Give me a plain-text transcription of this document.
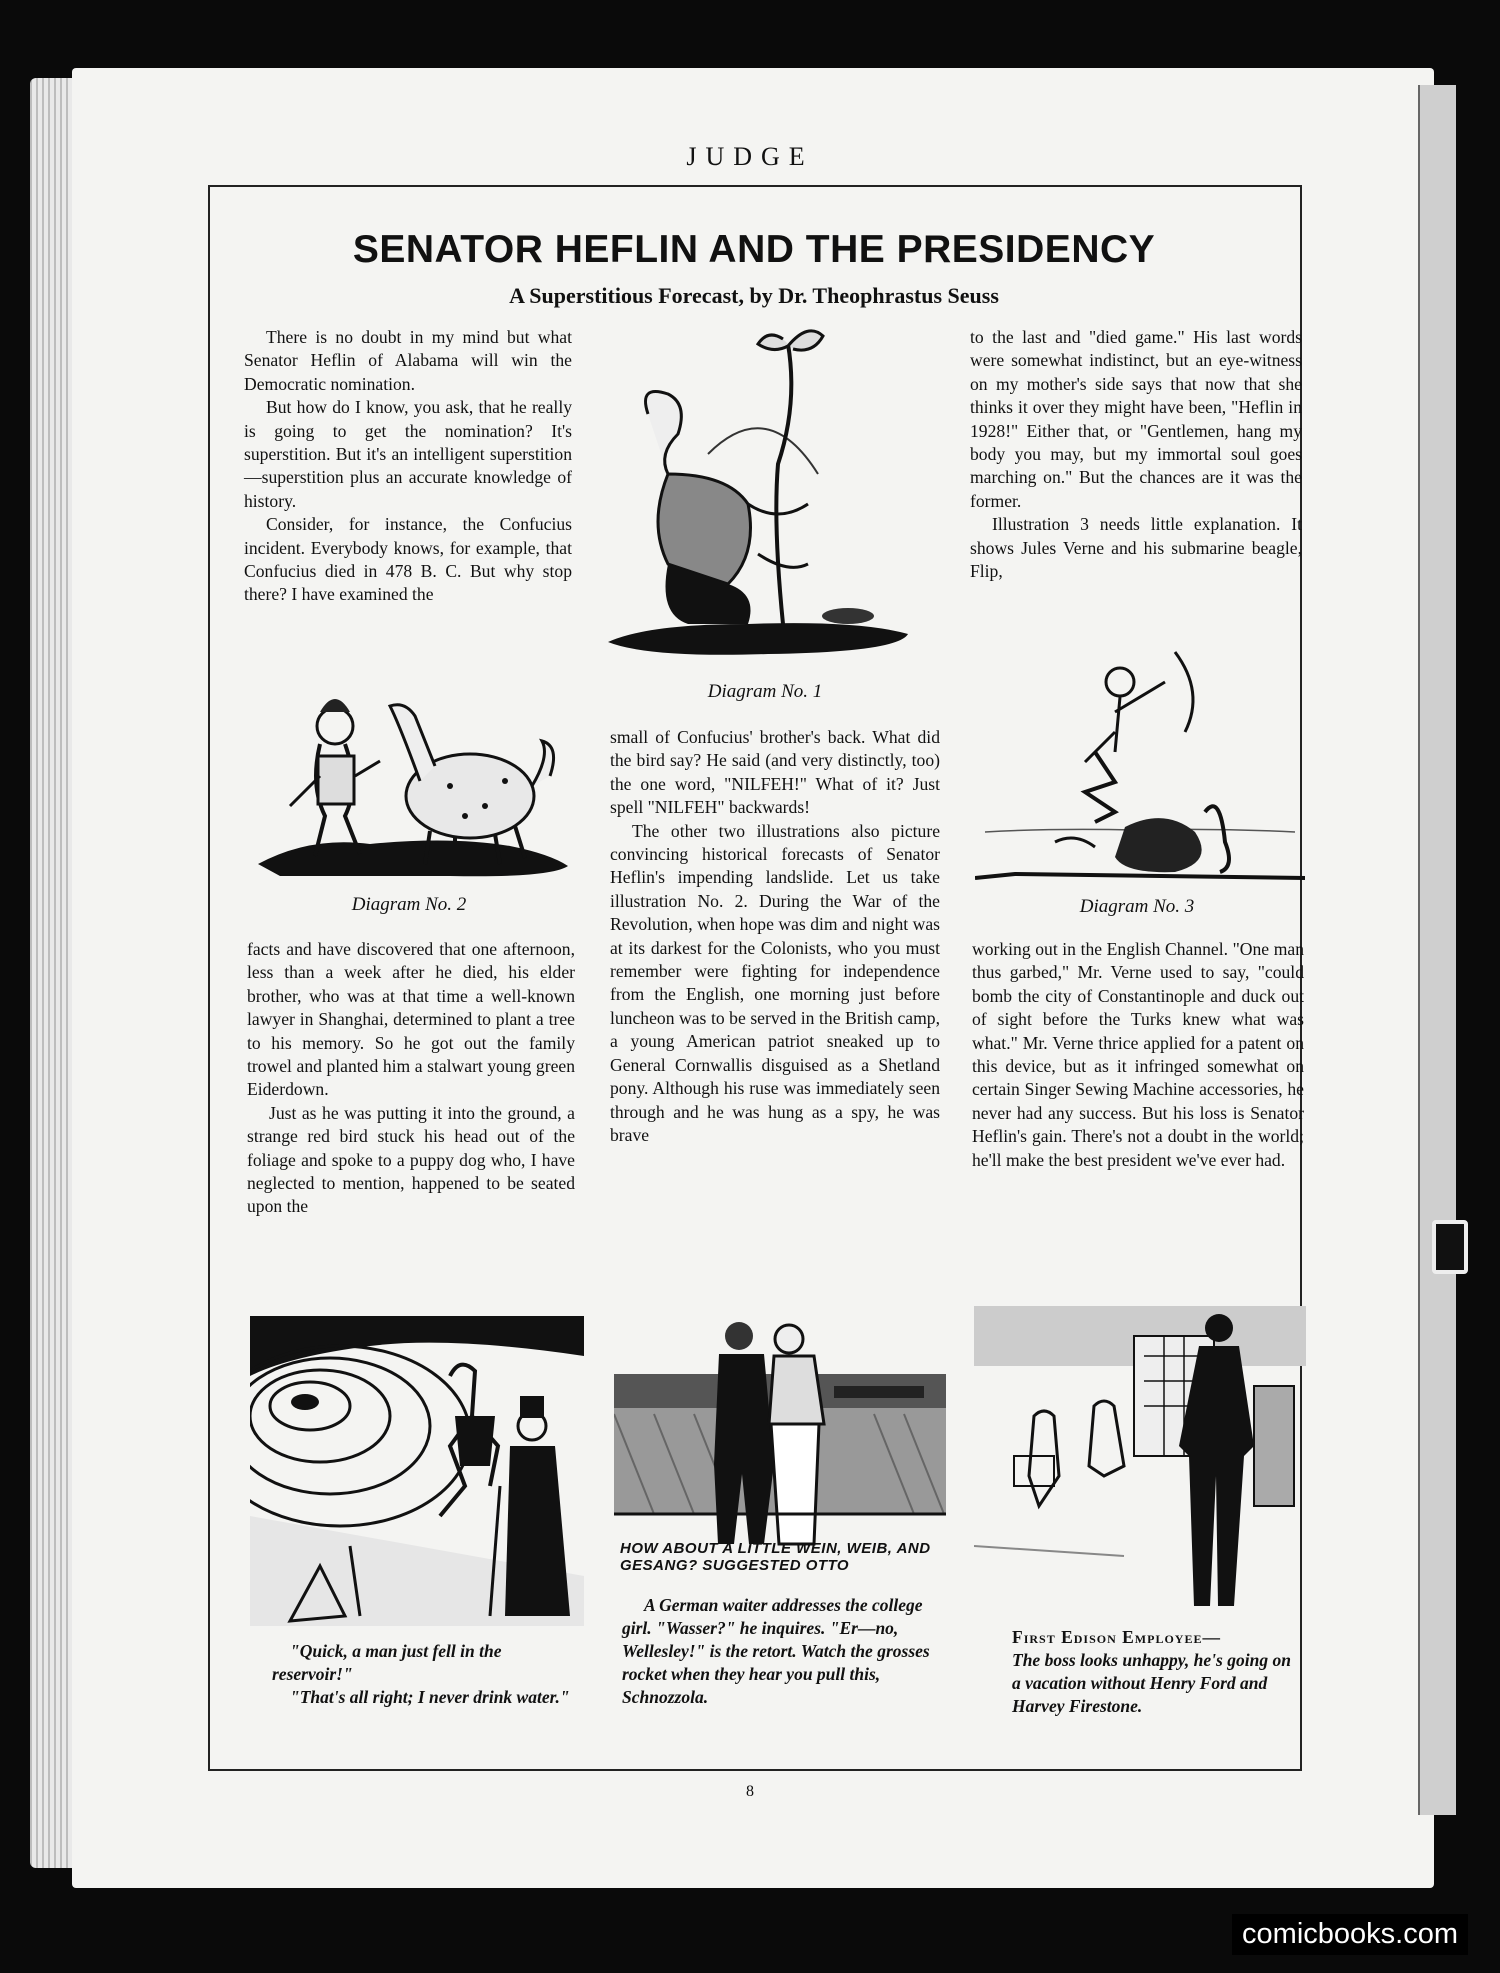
JUDGE
SENATOR HEFLIN AND THE PRESIDENCY
A Superstitious Forecast, by Dr. Theophrastus Seuss

There is no doubt in my mind but what Senator Heflin of Alabama will win the Democratic nomination.

But how do I know, you ask, that he really is going to get the nomination? It's superstition. But it's an intelligent superstition —superstition plus an accurate knowledge of history.

Consider, for instance, the Confucius incident. Everybody knows, for example, that Confucius died in 478 B. C. But why stop there? I have examined the

Diagram No. 2

facts and have discovered that one afternoon, less than a week after he died, his elder brother, who was at that time a well-known lawyer in Shanghai, determined to plant a tree to his memory. So he got out the family trowel and planted him a stalwart young green Eiderdown.

Just as he was putting it into the ground, a strange red bird stuck his head out of the foliage and spoke to a puppy dog who, I have neglected to mention, happened to be seated upon the

Diagram No. 1

small of Confucius' brother's back. What did the bird say? He said (and very distinctly, too) the one word, "NILFEH!" What of it? Just spell "NILFEH" backwards!

The other two illustrations also picture convincing historical forecasts of Senator Heflin's impending landslide. Let us take illustration No. 2. During the War of the Revolution, when hope was dim and night was at its darkest for the Colonists, who you must remember were fighting for independence from the English, one morning just before luncheon was to be served in the British camp, a young American patriot sneaked up to General Cornwallis disguised as a Shetland pony. Although his ruse was immediately seen through and he was hung as a spy, he was brave

to the last and "died game." His last words were somewhat indistinct, but an eye-witness on my mother's side says that now that she thinks it over they might have been, "Heflin in 1928!" Either that, or "Gentlemen, hang my body you may, but my immortal soul goes marching on." But the chances are it was the former.

Illustration 3 needs little explanation. It shows Jules Verne and his submarine beagle, Flip,

Diagram No. 3

working out in the English Channel. "One man thus garbed," Mr. Verne used to say, "could bomb the city of Constantinople and duck out of sight before the Turks knew what was what." Mr. Verne thrice applied for a patent on this device, but as it infringed somewhat on certain Singer Sewing Machine accessories, he never had any success. But his loss is Senator Heflin's gain. There's not a doubt in the world; he'll make the best president we've ever had.

"Quick, a man just fell in the reservoir!"

"That's all right; I never drink water."

HOW ABOUT A LITTLE WEIN, WEIB, AND GESANG? SUGGESTED OTTO

A German waiter addresses the college girl. "Wasser?" he inquires. "Er—no, Wellesley!" is the retort. Watch the grosses rocket when they hear you pull this, Schnozzola.

First Edison Employee—

The boss looks unhappy, he's going on a vacation without Henry Ford and Harvey Firestone.

8
comicbooks.com
